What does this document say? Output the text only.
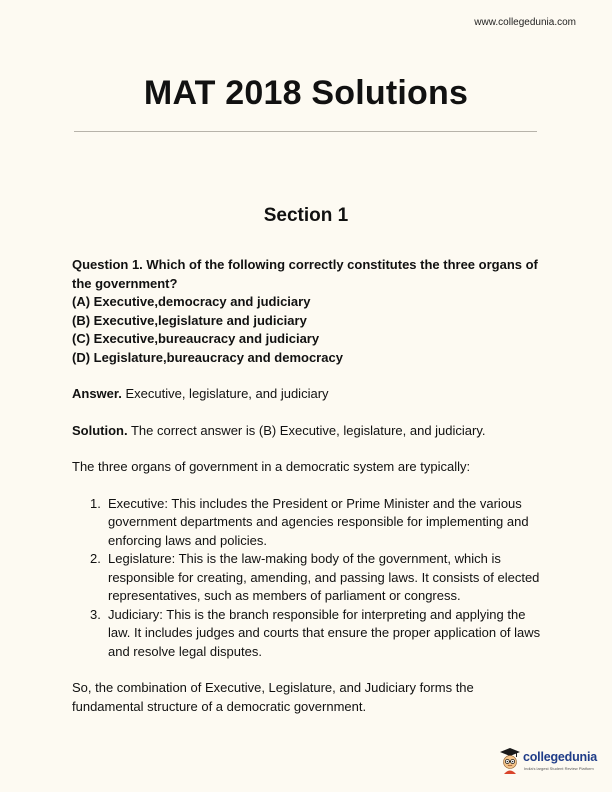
www.collegedunia.com
MAT 2018 Solutions
Section 1

Question 1. Which of the following correctly constitutes the three organs of the government?

(A) Executive,democracy and judiciary
(B) Executive,legislature and judiciary
(C) Executive,bureaucracy and judiciary
(D) Legislature,bureaucracy and democracy

Answer. Executive, legislature, and judiciary

Solution. The correct answer is (B) Executive, legislature, and judiciary.

The three organs of government in a democratic system are typically:

1. Executive: This includes the President or Prime Minister and the various government departments and agencies responsible for implementing and enforcing laws and policies.
2. Legislature: This is the law-making body of the government, which is responsible for creating, amending, and passing laws. It consists of elected representatives, such as members of parliament or congress.
3. Judiciary: This is the branch responsible for interpreting and applying the law. It includes judges and courts that ensure the proper application of laws and resolve legal disputes.

So, the combination of Executive, Legislature, and Judiciary forms the fundamental structure of a democratic government.

collegedunia
India's largest Student Review Platform
